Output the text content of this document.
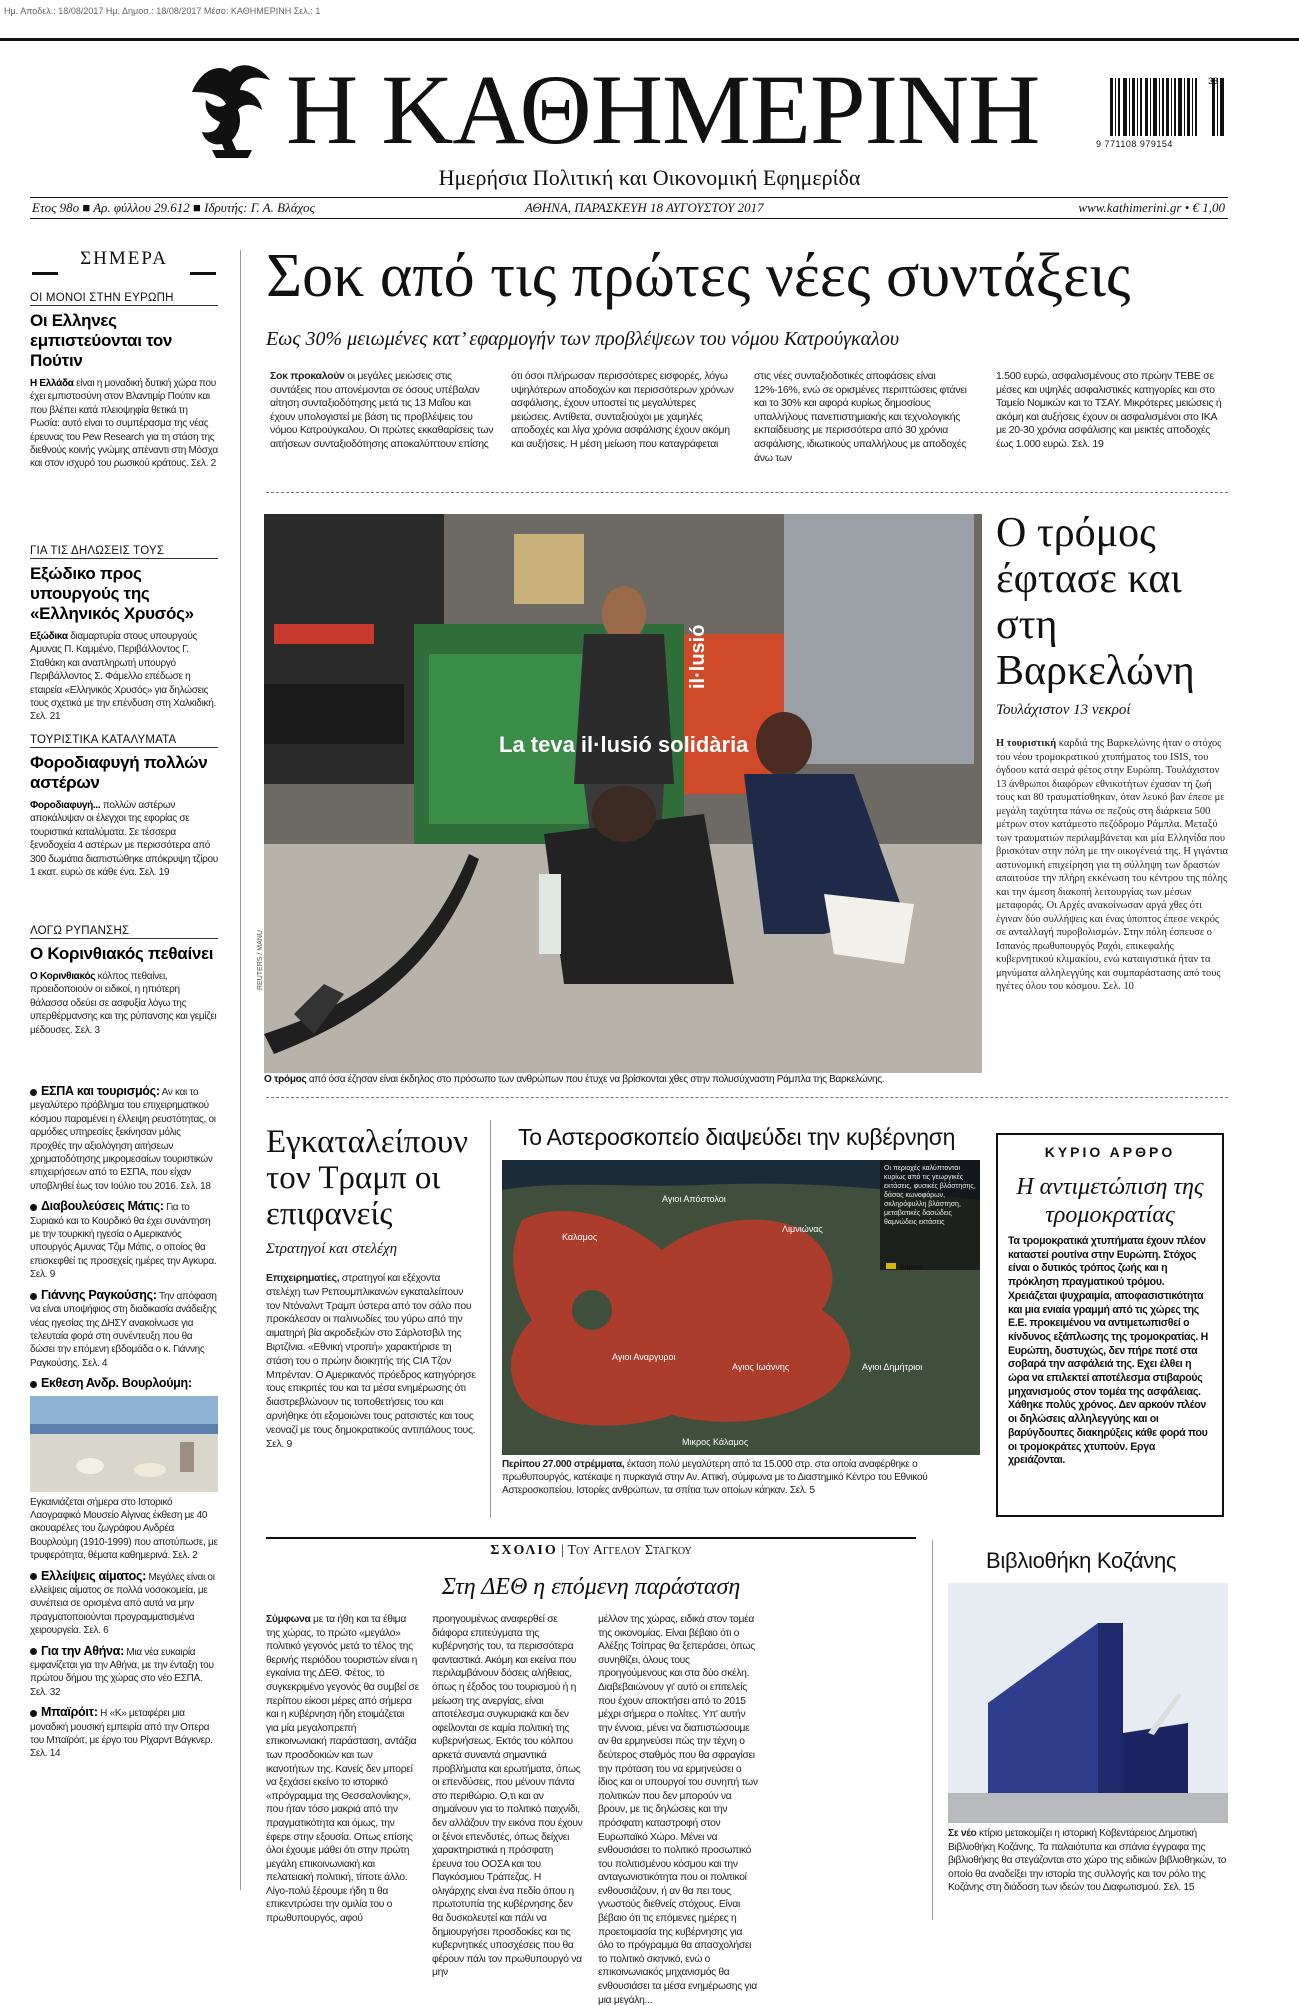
Ημ. Αποδελ.: 18/08/2017 Ημ. Δημοσ.: 18/08/2017 Μέσο: ΚΑΘΗΜΕΡΙΝΗ Σελ.: 1
Η ΚΑΘΗΜΕΡΙΝΗ
Ημερήσια Πολιτική και Οικονομική Εφημερίδα
33
9 771108 979154
Ετος 98ο ■ Αρ. φύλλου 29.612 ■ Ιδρυτής: Γ. Α. Βλάχος	ΑΘΗΝΑ, ΠΑΡΑΣΚΕΥΗ 18 ΑΥΓΟΥΣΤΟΥ 2017	www.kathimerini.gr • € 1,00
ΣΗΜΕΡΑ
ΟΙ ΜΟΝΟΙ ΣΤΗΝ ΕΥΡΩΠΗ
Οι Ελληνες εμπιστεύονται τον Πούτιν
Η Ελλάδα είναι η μοναδική δυτική χώρα που έχει εμπιστοσύνη στον Βλαντιμίρ Πούτιν και που βλέπει κατά πλειοψηφία θετικά τη Ρωσία: αυτό είναι το συμπέρασμα της νέας έρευνας του Pew Research για τη στάση της διεθνούς κοινής γνώμης απέναντι στη Μόσχα και στον ισχυρό του ρωσικού κράτους. Σελ. 2
ΓΙΑ ΤΙΣ ΔΗΛΩΣΕΙΣ ΤΟΥΣ
Εξώδικο προς υπουργούς της «Ελληνικός Χρυσός»
Εξώδικα διαμαρτυρία στους υπουργούς Αμυνας Π. Καμμένο, Περιβάλλοντος Γ. Σταθάκη και αναπληρωτή υπουργό Περιβάλλοντος Σ. Φάμελλο επέδωσε η εταιρεία «Ελληνικός Χρυσός» για δηλώσεις τους σχετικά με την επένδυση στη Χαλκιδική. Σελ. 21
ΤΟΥΡΙΣΤΙΚΑ ΚΑΤΑΛΥΜΑΤΑ
Φοροδιαφυγή πολλών αστέρων
Φοροδιαφυγή... πολλών αστέρων αποκάλυψαν οι έλεγχοι της εφορίας σε τουριστικά καταλύματα. Σε τέσσερα ξενοδοχεία 4 αστέρων με περισσότερα από 300 δωμάτια διαπιστώθηκε απόκρυψη τζίρου 1 εκατ. ευρώ σε κάθε ένα. Σελ. 19
ΛΟΓΩ ΡΥΠΑΝΣΗΣ
Ο Κορινθιακός πεθαίνει
Ο Κορινθιακός κόλπος πεθαίνει, προειδοποιούν οι ειδικοί, η ηπιότερη θάλασσα οδεύει σε ασφυξία λόγω της υπερθέρμανσης και της ρύπανσης και γεμίζει μέδουσες. Σελ. 3
ΕΣΠΑ και τουρισμός: Αν και το μεγαλύτερο πρόβλημα του επιχειρηματικού κόσμου παραμένει η έλλειψη ρευστότητας, οι αρμόδιες υπηρεσίες ξεκίνησαν μόλις προχθές την αξιολόγηση αιτήσεων χρηματοδότησης μικρομεσαίων τουριστικών επιχειρήσεων από το ΕΣΠΑ, που είχαν υποβληθεί έως τον Ιούλιο του 2016. Σελ. 18
Διαβουλεύσεις Μάτις: Για το Συριακό και το Κουρδικό θα έχει συνάντηση με την τουρκική ηγεσία ο Αμερικανός υπουργός Αμυνας Τζιμ Μάτις, ο οποίος θα επισκεφθεί τις προσεχείς ημέρες την Αγκυρα. Σελ. 9
Γιάννης Ραγκούσης: Την απόφαση να είναι υποψήφιος στη διαδικασία ανάδειξης νέας ηγεσίας της ΔΗΣΥ ανακοίνωσε για τελευταία φορά στη συνέντευξη που θα δώσει την επόμενη εβδομάδα ο κ. Γιάννης Ραγκούσης. Σελ. 4
Εκθεση Ανδρ. Βουρλούμη:
Εγκαινιάζεται σήμερα στο Ιστορικό Λαογραφικό Μουσείο Αίγινας έκθεση με 40 ακουαρέλες του ζωγράφου Ανδρέα Βουρλούμη (1910-1999) που αποτύπωσε, με τρυφερότητα, θέματα καθημερινά. Σελ. 2
Ελλείψεις αίματος: Μεγάλες είναι οι ελλείψεις αίματος σε πολλά νοσοκομεία, με συνέπεια σε ορισμένα από αυτά να μην πραγματοποιούνται προγραμματισμένα χειρουργεία. Σελ. 6
Για την Αθήνα: Μια νέα ευκαιρία εμφανίζεται για την Αθήνα, με την ένταξη του πρώτου δήμου της χώρας στο νέο ΕΣΠΑ. Σελ. 32
Μπαϊρόιτ: Η «Κ» μεταφέρει μια μοναδική μουσική εμπειρία από την Οπερα του Μπαϊρόιτ, με έργο του Ρίχαρντ Βάγκνερ. Σελ. 14
Σοκ από τις πρώτες νέες συντάξεις
Εως 30% μειωμένες κατ’ εφαρμογήν των προβλέψεων του νόμου Κατρούγκαλου
Σοκ προκαλούν οι μεγάλες μειώσεις στις συντάξεις που απονέμονται σε όσους υπέβαλαν αίτηση συνταξιοδότησης μετά τις 13 Μαΐου και έχουν υπολογιστεί με βάση τις προβλέψεις του νόμου Κατρούγκαλου. Οι πρώτες εκκαθαρίσεις των αιτήσεων συνταξιοδότησης αποκαλύπτουν επίσης
ότι όσοι πλήρωσαν περισσότερες εισφορές, λόγω υψηλότερων αποδοχών και περισσότερων χρόνων ασφάλισης, έχουν υποστεί τις μεγαλύτερες μειώσεις. Αντίθετα, συνταξιούχοι με χαμηλές αποδοχές και λίγα χρόνια ασφάλισης έχουν ακόμη και αυξήσεις. Η μέση μείωση που καταγράφεται
στις νέες συνταξιοδοτικές αποφάσεις είναι 12%-16%, ενώ σε ορισμένες περιπτώσεις φτάνει και το 30% και αφορά κυρίως δημοσίους υπαλλήλους πανεπιστημιακής και τεχνολογικής εκπαίδευσης με περισσότερα από 30 χρόνια ασφάλισης, ιδιωτικούς υπαλλήλους με αποδοχές άνω των
1.500 ευρώ, ασφαλισμένους στο πρώην ΤΕΒΕ σε μέσες και υψηλές ασφαλιστικές κατηγορίες και στο Ταμείο Νομικών και το ΤΣΑΥ. Μικρότερες μειώσεις ή ακόμη και αυξήσεις έχουν οι ασφαλισμένοι στο ΙΚΑ με 20-30 χρόνια ασφάλισης και μεικτές αποδοχές έως 1.000 ευρώ. Σελ. 19
La teva il·lusió solidària
il·lusió
REUTERS / MANU
Ο τρόμος από όσα έζησαν είναι έκδηλος στο πρόσωπο των ανθρώπων που έτυχε να βρίσκονται χθες στην πολυσύχναστη Ράμπλα της Βαρκελώνης.
Ο τρόμος έφτασε και στη Βαρκελώνη
Τουλάχιστον 13 νεκροί
Η τουριστική καρδιά της Βαρκελώνης ήταν ο στόχος του νέου τρομοκρατικού χτυπήματος του ISIS, του όγδοου κατά σειρά φέτος στην Ευρώπη. Τουλάχιστον 13 άνθρωποι διαφόρων εθνικοτήτων έχασαν τη ζωή τους και 80 τραυματίσθηκαν, όταν λευκό βαν έπεσε με μεγάλη ταχύτητα πάνω σε πεζούς στη διάρκεια 500 μέτρων στον κατάμεστο πεζόδρομο Ράμπλα. Μεταξύ των τραυματιών περιλαμβάνεται και μία Ελληνίδα που βρισκόταν στην πόλη με την οικογένειά της. Η γιγάντια αστυνομική επιχείρηση για τη σύλληψη των δραστών απαιτούσε την πλήρη εκκένωση του κέντρου της πόλης και την άμεση διακοπή λειτουργίας των μέσων μεταφοράς. Οι Αρχές ανακοίνωσαν αργά χθες ότι έγιναν δύο συλλήψεις και ένας ύποπτος έπεσε νεκρός σε ανταλλαγή πυροβολισμών. Στην πόλη έσπευσε ο Ισπανός πρωθυπουργός Ραχόι, επικεφαλής κυβερνητικού κλιμακίου, ενώ καταιγιστικά ήταν τα μηνύματα αλληλεγγύης και συμπαράστασης από τους ηγέτες όλου του κόσμου. Σελ. 10
Εγκαταλείπουν τον Τραμπ οι επιφανείς
Στρατηγοί και στελέχη
Επιχειρηματίες, στρατηγοί και εξέχοντα στελέχη των Ρεπουμπλικανών εγκαταλείπουν τον Ντόναλντ Τραμπ ύστερα από τον σάλο που προκάλεσαν οι παλινωδίες του γύρω από την αιματηρή βία ακροδεξιών στο Σάρλοτσβιλ της Βιρτζίνια. «Εθνική ντροπή» χαρακτήρισε τη στάση του ο πρώην διοικητής της CIA Τζον Μπρένταν. Ο Αμερικανός πρόεδρος κατηγόρησε τους επικριτές του και τα μέσα ενημέρωσης ότι διαστρεβλώνουν τις τοποθετήσεις του και αρνήθηκε ότι εξομοιώνει τους ρατσιστές και τους νεοναζί με τους δημοκρατικούς αντιπάλους τους. Σελ. 9
Το Αστεροσκοπείο διαψεύδει την κυβέρνηση
Αγιοι Απόστολοι Λιμνιώνας Καλαμος Αγιοι Δημήτριοι Αγιοι Αναργυροι Αγιος Ιωάννης Μικρος Κάλαμος
Οι περιοχές καλύπτονται κυρίως από τις γεωργικές εκτάσεις, φυσικές βλάστησης, δάσος κωνοφόρων, σκληρόφυλλη βλάστηση, μεταβατικές δασώδεις θαμνώδεις εκτάσεις
Καμένα
Περίπου 27.000 στρέμματα, έκταση πολύ μεγαλύτερη από τα 15.000 στρ. στα οποία αναφέρθηκε ο πρωθυπουργός, κατέκαψε η πυρκαγιά στην Αν. Αττική, σύμφωνα με το Διαστημικό Κέντρο του Εθνικού Αστεροσκοπείου. Ιστορίες ανθρώπων, τα σπίτια των οποίων κάηκαν. Σελ. 5
ΚΥΡΙΟ ΑΡΘΡΟ
Η αντιμετώπιση της τρομοκρατίας
Τα τρομοκρατικά χτυπήματα έχουν πλέον καταστεί ρουτίνα στην Ευρώπη. Στόχος είναι ο δυτικός τρόπος ζωής και η πρόκληση πραγματικού τρόμου. Χρειάζεται ψυχραιμία, αποφασιστικότητα και μια ενιαία γραμμή από τις χώρες της Ε.Ε. προκειμένου να αντιμετωπισθεί ο κίνδυνος εξάπλωσης της τρομοκρατίας. Η Ευρώπη, δυστυχώς, δεν πήρε ποτέ στα σοβαρά την ασφάλειά της. Εχει έλθει η ώρα να επιλεκτεί αποτέλεσμα στιβαρούς μηχανισμούς στον τομέα της ασφάλειας. Χάθηκε πολύς χρόνος. Δεν αρκούν πλέον οι δηλώσεις αλληλεγγύης και οι βαρύγδουπες διακηρύξεις κάθε φορά που οι τρομοκράτες χτυπούν. Εργα χρειάζονται.
ΣΧΟΛΙΟ | Του Αγγελου Σταγκου
Στη ΔΕΘ η επόμενη παράσταση
Σύμφωνα με τα ήθη και τα έθιμα της χώρας, το πρώτο «μεγάλο» πολιτικό γεγονός μετά το τέλος της θερινής περιόδου τουριστών είναι η εγκαίνια της ΔΕΘ. Φέτος, το συγκεκριμένο γεγονός θα συμβεί σε περίπου είκοσι μέρες από σήμερα και η κυβέρνηση ήδη ετοιμάζεται για μία μεγαλοπρεπή επικοινωνιακή παράσταση, αντάξια των προσδοκιών και των ικανοτήτων της. Κανείς δεν μπορεί να ξεχάσει εκείνο το ιστορικό «πρόγραμμα της Θεσσαλονίκης», που ήταν τόσο μακριά από την πραγματικότητα και όμως, την έφερε στην εξουσία. Οπως επίσης όλοι έχουμε μάθει ότι στην πρώτη μεγάλη επικοινωνιακή και πελατειακή πολιτική, τίποτε άλλο. Λίγο-πολύ ξέρουμε ήδη τι θα επικεντρώσει την ομιλία του ο πρωθυπουργός, αφού
προηγουμένως αναφερθεί σε διάφορα επιτεύγματα της κυβέρνησής του, τα περισσότερα φανταστικά. Ακόμη και εκείνα που περιλαμβάνουν δόσεις αλήθειας, όπως η έξοδος του τουρισμού ή η μείωση της ανεργίας, είναι αποτέλεσμα συγκυριακά και δεν οφείλονται σε καμία πολιτική της κυβερνήσεως. Εκτός του κόλπου αρκετά συναντά σημαντικά προβλήματα και ερωτήματα, όπως οι επενδύσεις, που μένουν πάντα στο περιθώριο. Ο,τι και αν σημαίνουν για το πολιτικό παιχνίδι, δεν αλλάζουν την εικόνα που έχουν οι ξένοι επενδυτές, όπως δείχνει χαρακτηριστικά η πρόσφατη έρευνα του ΟΟΣΑ και του Παγκόσμιου Τράπεζας. Η ολιγάρχης είναι ένα πεδίο όπου η πρωτοτυπία της κυβέρνησης δεν θα δυσκολευτεί και πάλι να δημιουργήσει προσδοκίες και τις κυβερνητικές υποσχέσεις που θα φέρουν πάλι τον πρωθυπουργό να μην
μέλλον της χώρας, ειδικά στον τομέα της οικονομίας. Είναι βέβαιο ότι ο Αλέξης Τσίπρας θα ξεπεράσει, όπως συνηθίζει, όλους τους προηγούμενους και στα δύο σκέλη. Διαβεβαιώνουν γι' αυτό οι επιτελείς που έχουν αποκτήσει από το 2015 μέχρι σήμερα ο πολίτες. Υπ' αυτήν την έννοια, μένει να διαπιστώσουμε αν θα ερμηνεύσει πώς την τέχνη ο δεύτερος σταθμός που θα σφραγίσει την πρόταση του να ερμηνεύσει ο ίδιος και οι υπουργοί του συνηπή των πολιτικών που δεν μπορούν να βρουν, με τις δηλώσεις και την πρόσφατη καταστροφή στον Ευρωπαϊκό Χώρο. Μένει να ενθουσιάσει το πολιτικό προσωπικό του πολιτισμένου κόσμου και την ανταγωνιστικότητα που οι πολιτικοί ενθουσιάζουν, ή αν θα πει τους γνωστούς διεθνείς στόχους. Είναι βέβαιο ότι τις επόμενες ημέρες η προετοιμασία της κυβέρνησης για όλο το πρόγραμμα θα απασχολήσει το πολιτικό σκηνικό, ενώ ο επικοινωνιακός μηχανισμός θα ενθουσιάσει τα μέσα ενημέρωσης για μια μεγάλη...
Βιβλιοθήκη Κοζάνης
Σε νέο κτίριο μετακομίζει η ιστορική Κοβεντάρειος Δημοτική Βιβλιοθήκη Κοζάνης. Τα παλαιότυπα και σπάνια έγγραφα της βιβλιοθήκης θα στεγάζονται στο χώρο της ειδικών βιβλιοθηκών, το οποίο θα αναδείξει την ιστορία της συλλογής και τον ρόλο της Κοζάνης στη διάδοση των ιδεών του Διαφωτισμού. Σελ. 15
